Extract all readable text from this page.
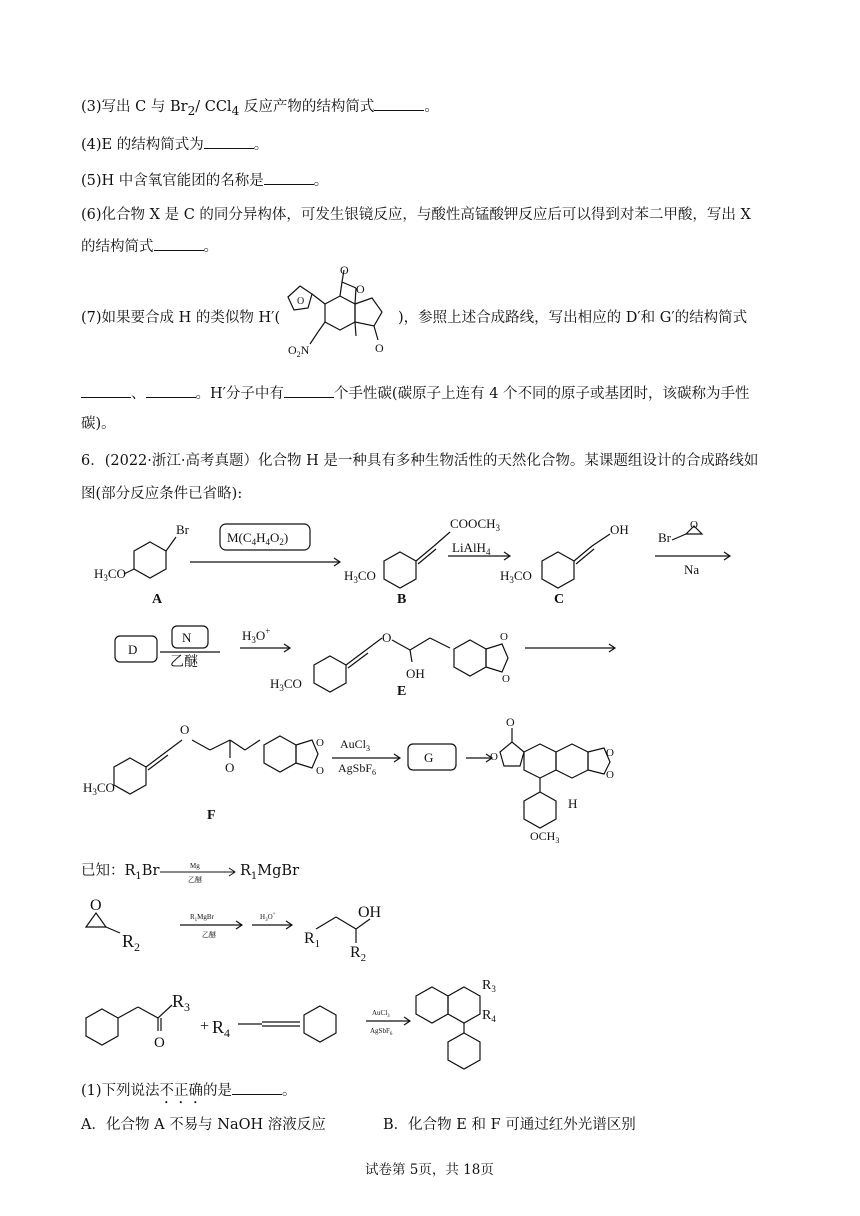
(3)写出 C 与 $Br_2/$ CCl$_4$ 反应产物的结构简式	。
(4)E 的结构简式为	。
(5)H 中含氧官能团的名称是	。
(6)化合物 X 是 C 的同分异构体，可发生银镜反应，与酸性高锰酸钾反应后可以得到对苯二甲酸，写出 X
的结构简式	。
(7)如果要合成 H 的类似物 H′(
O
O
O
O
$O_2N$
)，参照上述合成路线，写出相应的 D′和 G′的结构简式
、	。H′分子中有	个手性碳(碳原子上连有 4 个不同的原子或基团时，该碳称为手性
碳)。
6．(2022·浙江·高考真题）化合物 H 是一种具有多种生物活性的天然化合物。某课题组设计的合成路线如
图(部分反应条件已省略):
Br
$H_3CO$
$M(C_4H_4O_2)$
$COOCH_3$
$H_3CO$
LiAlH$_4$
OH
$H_3CO$
Br
O
Na
A	B	C
D
N
乙醚
$H_3O^+$	O
OH
O
O
$H_3CO$
E
$H_3CO$
O
O
O
O
AuCl$_3$
AgSbF$_6$
G
O
O	O
O
H
$OCH_3$
F
已知：$R_1Br$	Mg
乙醚
$R_1MgBr$
O
$R_2$
$R_1MgBr$
乙醚
$H_3O^+$
$R_1$
OH
$R_2$
$R_3$
O
+ $R_4$
AuCl$_3$
AgSbF$_6$
$R_3$
$R_4$
(1)下列说法不正确的是	。
A．化合物 A 不易与 NaOH 溶液反应	B．化合物 E 和 F 可通过红外光谱区别
试卷第 5页，共 18页
